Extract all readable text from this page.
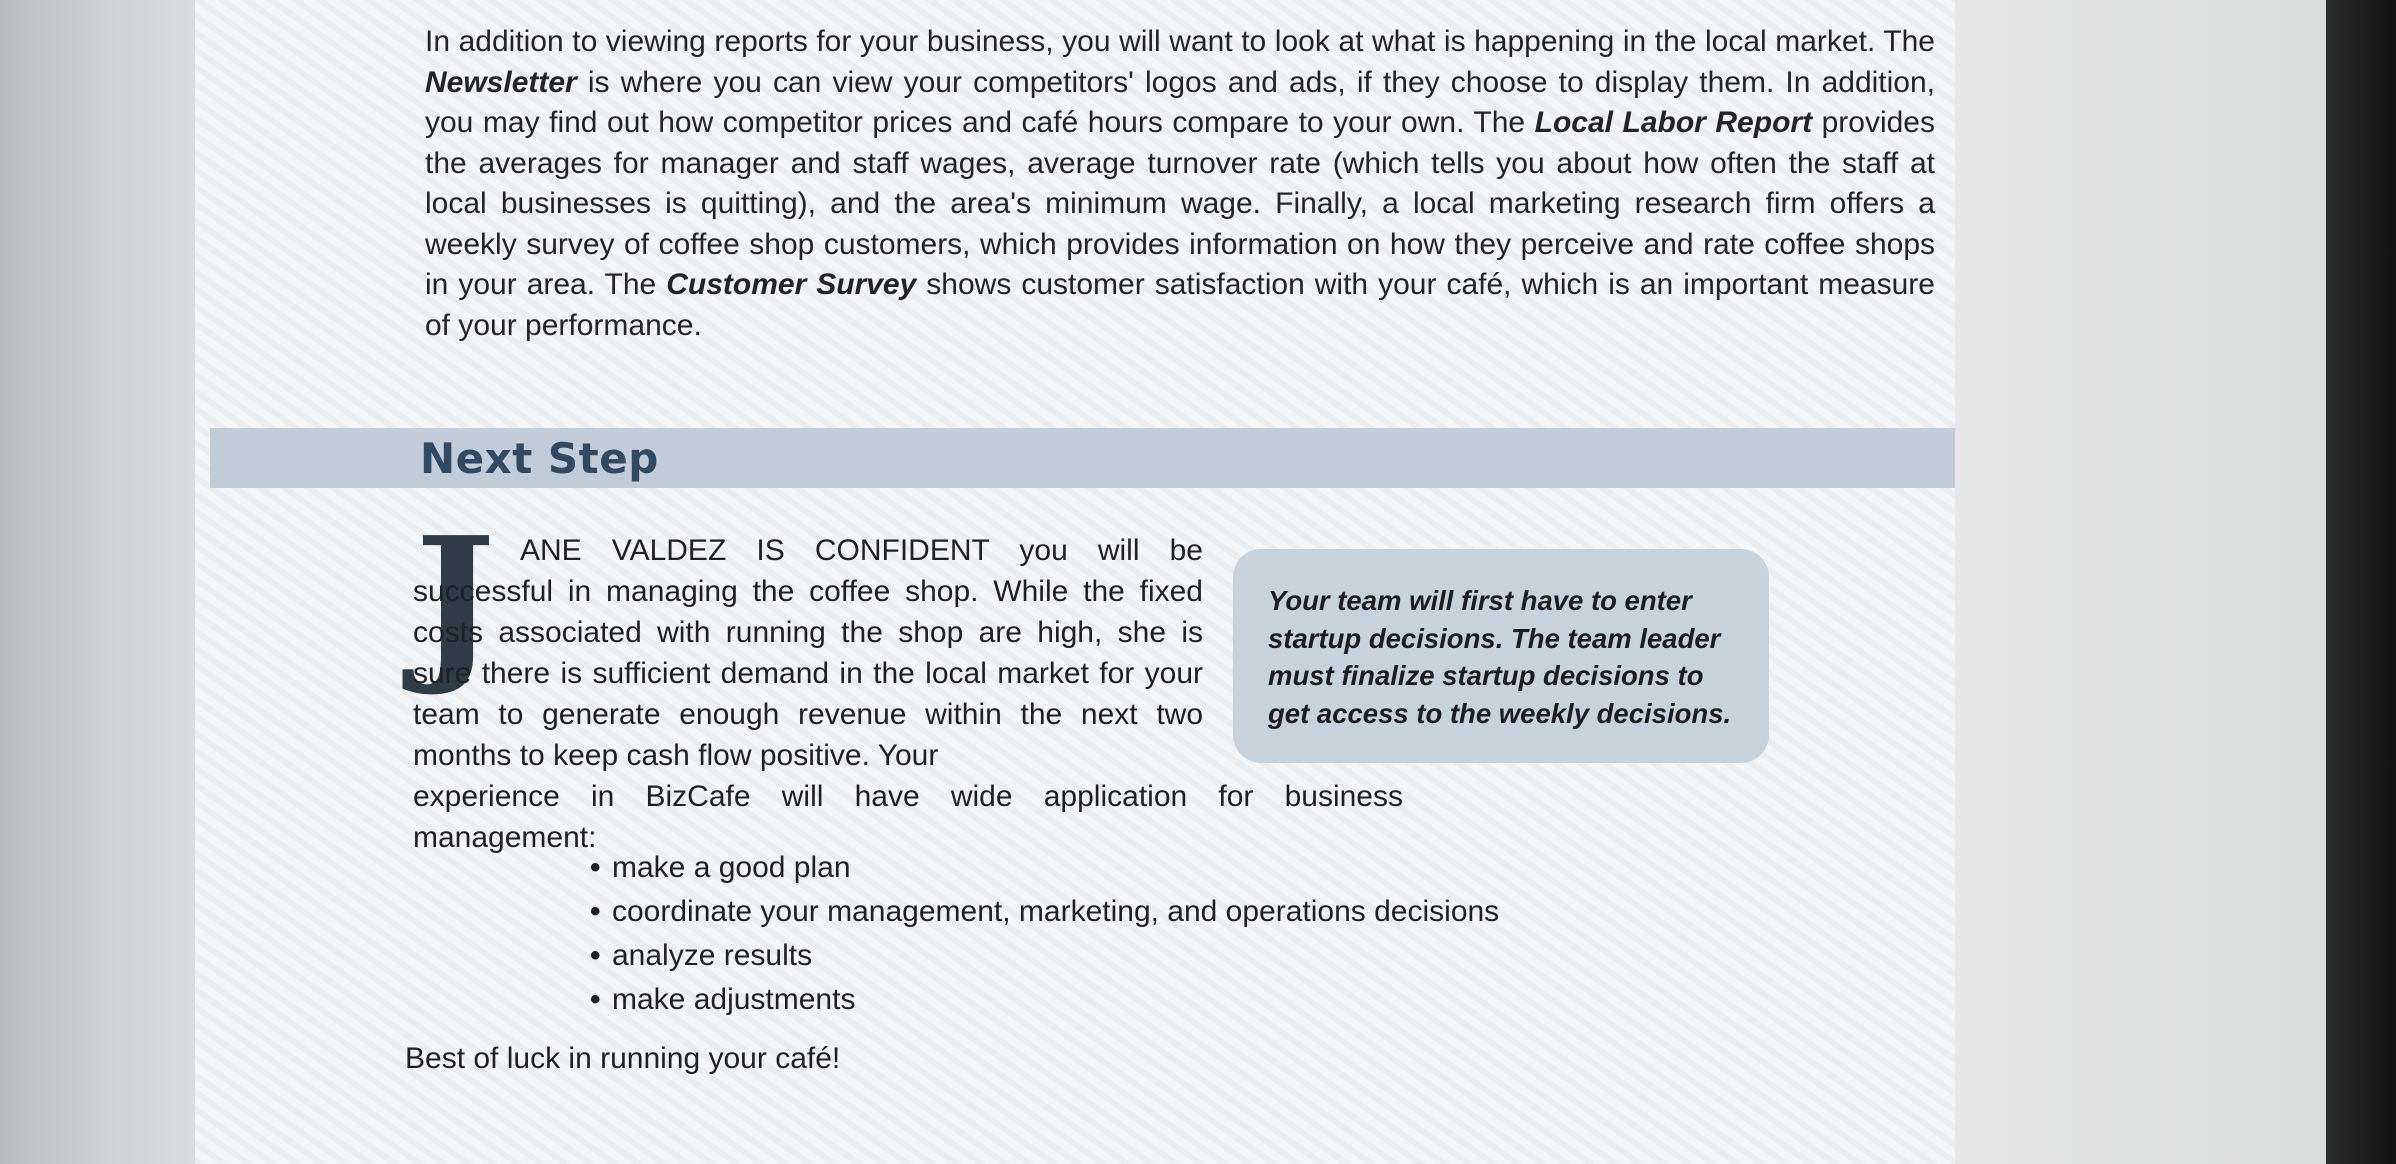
In addition to viewing reports for your business, you will want to look at what is happening in the local market. The Newsletter is where you can view your competitors' logos and ads, if they choose to display them. In addition, you may find out how competitor prices and café hours compare to your own. The Local Labor Report provides the averages for manager and staff wages, average turnover rate (which tells you about how often the staff at local businesses is quitting), and the area's minimum wage. Finally, a local marketing research firm offers a weekly survey of coffee shop customers, which provides information on how they perceive and rate coffee shops in your area. The Customer Survey shows customer satisfaction with your café, which is an important measure of your performance.

Next Step
J ANE VALDEZ IS CONFIDENT you will be successful in managing the coffee shop. While the fixed costs associated with running the shop are high, she is sure there is sufficient demand in the local market for your team to generate enough revenue within the next two months to keep cash flow positive. Your
experience in BizCafe will have wide application for business management:
Your team will first have to enter startup decisions. The team leader must finalize startup decisions to get access to the weekly decisions.
• make a good plan
• coordinate your management, marketing, and operations decisions
• analyze results
• make adjustments
Best of luck in running your café!
